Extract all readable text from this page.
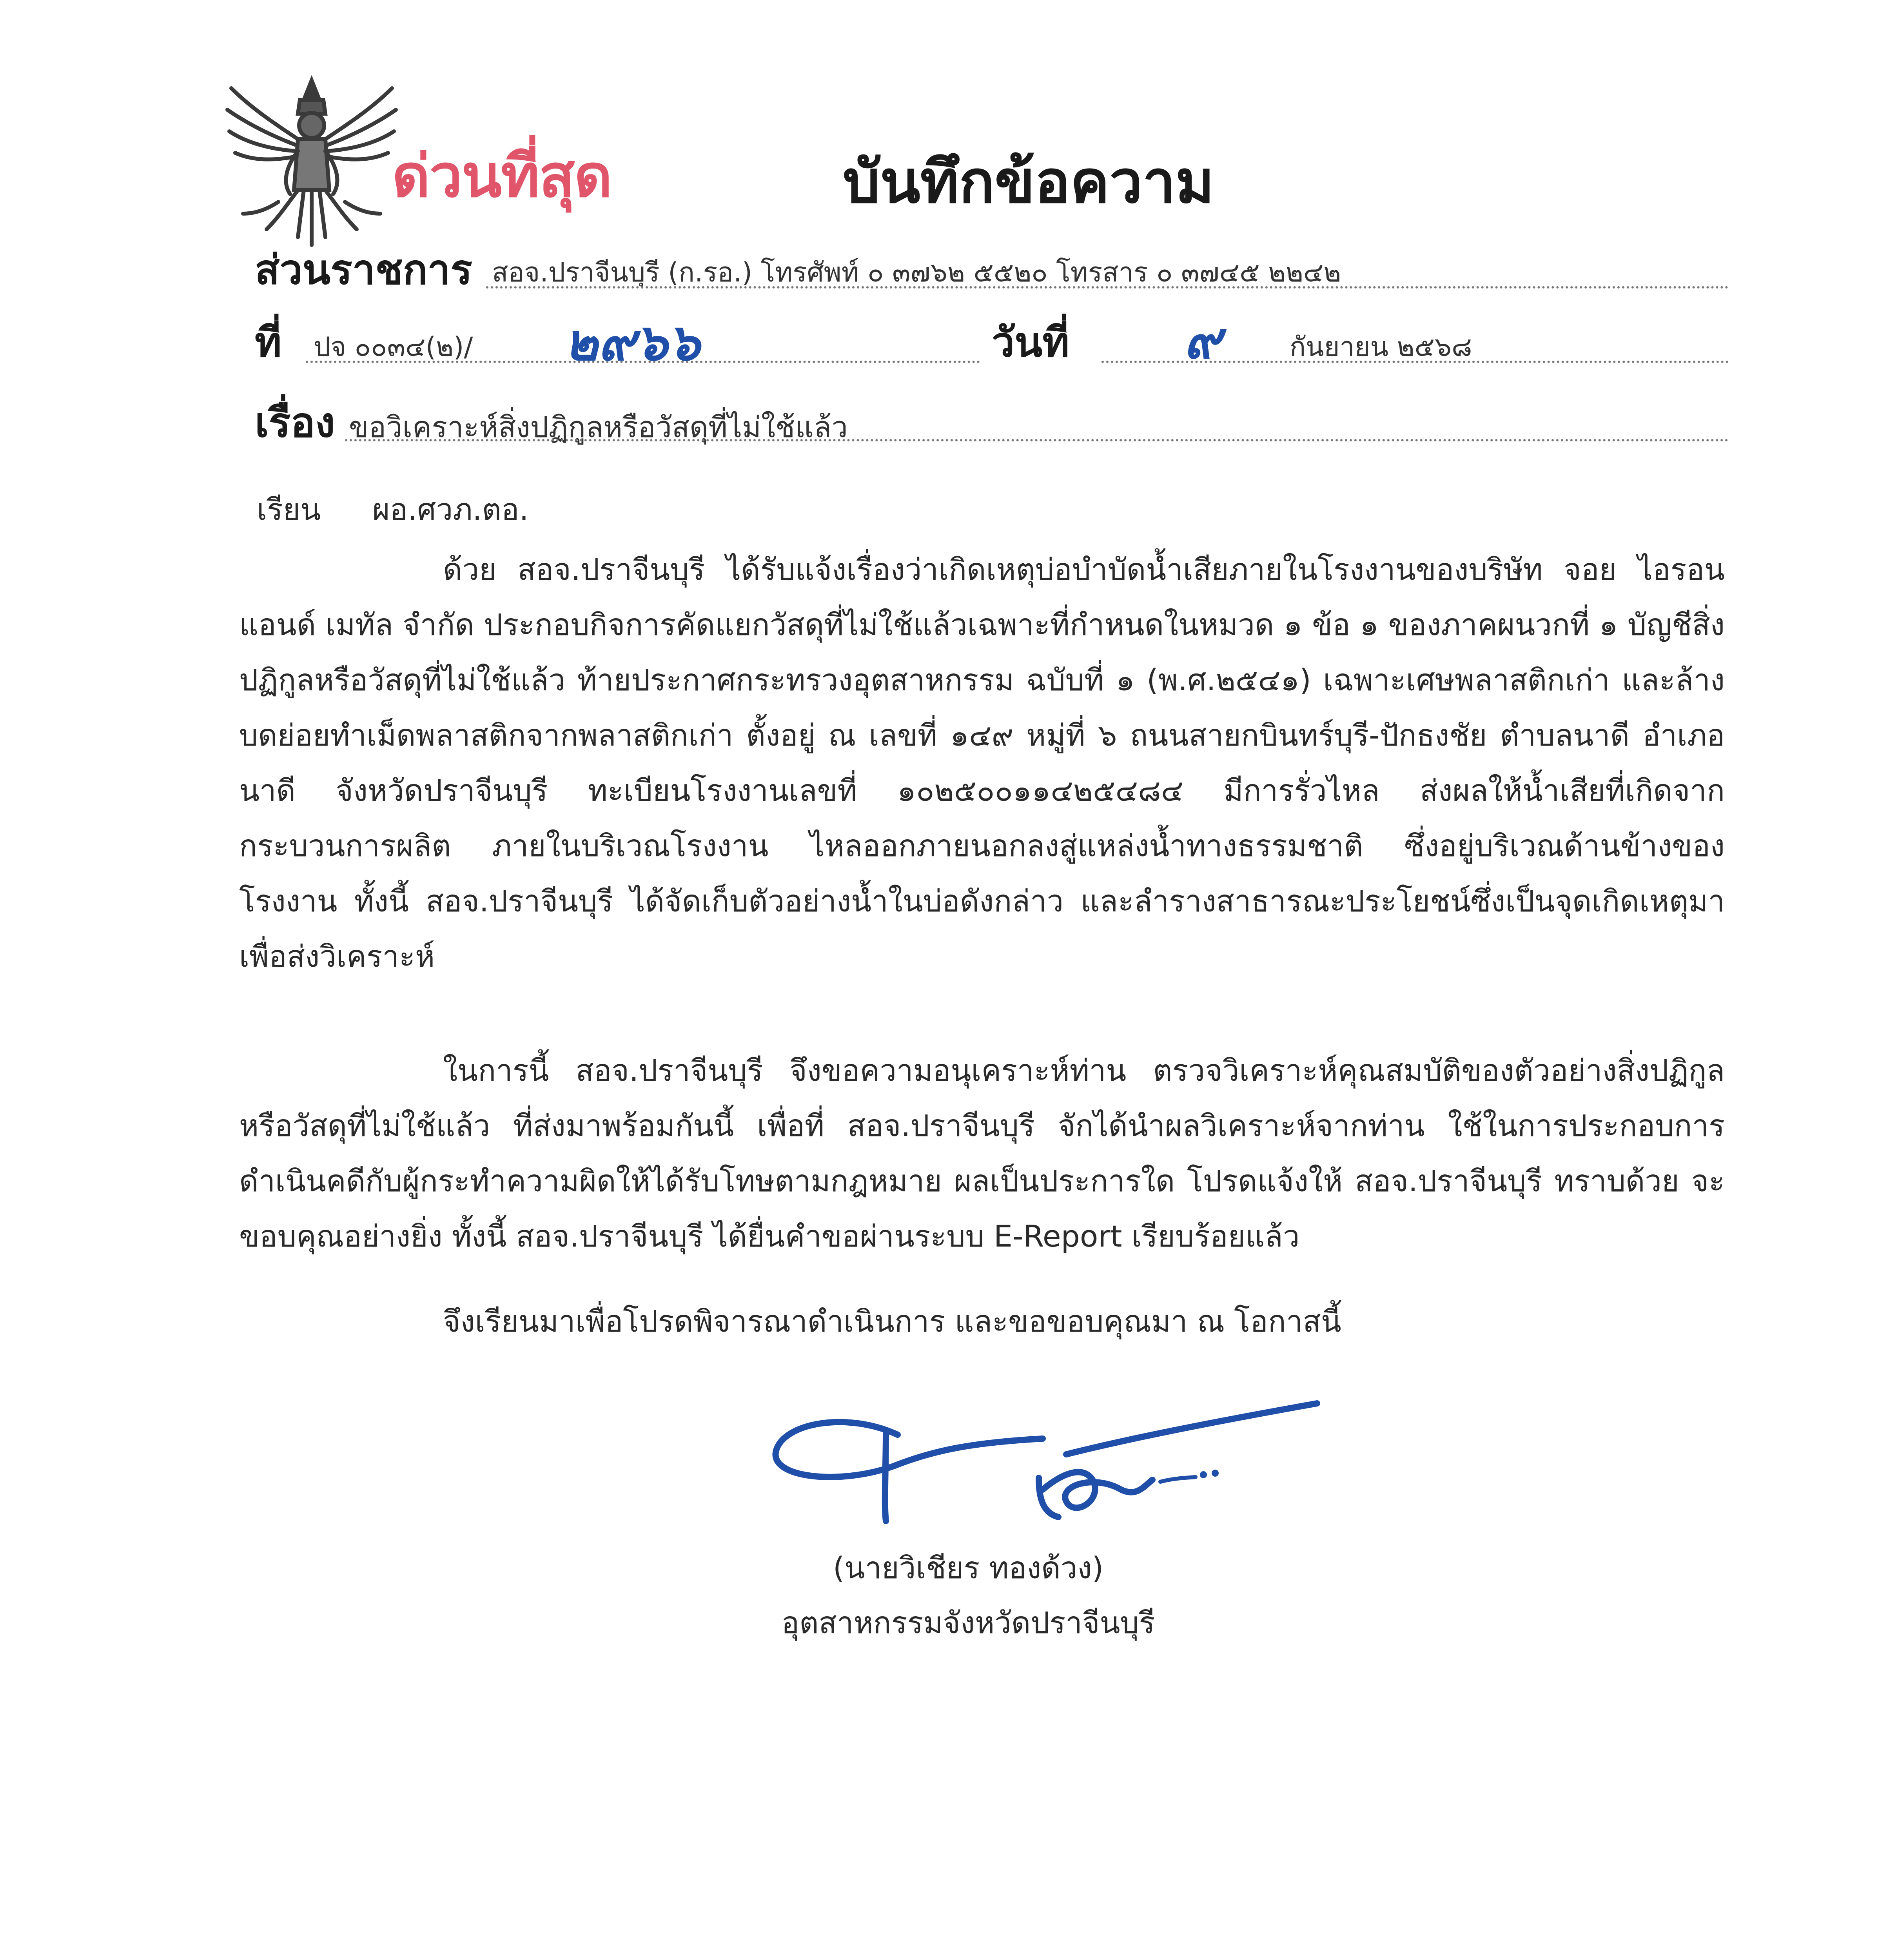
ด่วนที่สุด	บันทึกข้อความ
ส่วนราชการ สอจ.ปราจีนบุรี (ก.รอ.) โทรศัพท์ ๐ ๓๗๖๒ ๕๕๒๐ โทรสาร ๐ ๓๗๔๕ ๒๒๔๒
ที่ ปจ ๐๐๓๔(๒)/ ๒๙๖๖	วันที่ ๙	กันยายน ๒๕๖๘
เรื่อง ขอวิเคราะห์สิ่งปฏิกูลหรือวัสดุที่ไม่ใช้แล้ว
เรียน ผอ.ศวภ.ตอ.

ด้วย สอจ.ปราจีนบุรี ได้รับแจ้งเรื่องว่าเกิดเหตุบ่อบำบัดน้ำเสียภายในโรงงานของบริษัท จอย ไอรอน แอนด์ เมทัล จำกัด ประกอบกิจการคัดแยกวัสดุที่ไม่ใช้แล้วเฉพาะที่กำหนดในหมวด ๑ ข้อ ๑ ของภาคผนวกที่ ๑ บัญชีสิ่งปฏิกูลหรือวัสดุที่ไม่ใช้แล้ว ท้ายประกาศกระทรวงอุตสาหกรรม ฉบับที่ ๑ (พ.ศ.๒๕๔๑) เฉพาะเศษพลาสติกเก่า และล้างบดย่อยทำเม็ดพลาสติกจากพลาสติกเก่า ตั้งอยู่ ณ เลขที่ ๑๔๙ หมู่ที่ ๖ ถนนสายกบินทร์บุรี-ปักธงชัย ตำบลนาดี อำเภอนาดี จังหวัดปราจีนบุรี ทะเบียนโรงงานเลขที่ ๑๐๒๕๐๐๑๑๔๒๕๔๘๔ มีการรั่วไหล ส่งผลให้น้ำเสียที่เกิดจากกระบวนการผลิต ภายในบริเวณโรงงาน ไหลออกภายนอกลงสู่แหล่งน้ำทางธรรมชาติ ซึ่งอยู่บริเวณด้านข้างของโรงงาน ทั้งนี้ สอจ.ปราจีนบุรี ได้จัดเก็บตัวอย่างน้ำในบ่อดังกล่าว และลำรางสาธารณะประโยชน์ซึ่งเป็นจุดเกิดเหตุมาเพื่อส่งวิเคราะห์

ในการนี้ สอจ.ปราจีนบุรี จึงขอความอนุเคราะห์ท่าน ตรวจวิเคราะห์คุณสมบัติของตัวอย่างสิ่งปฏิกูลหรือวัสดุที่ไม่ใช้แล้ว ที่ส่งมาพร้อมกันนี้ เพื่อที่ สอจ.ปราจีนบุรี จักได้นำผลวิเคราะห์จากท่าน ใช้ในการประกอบการดำเนินคดีกับผู้กระทำความผิดให้ได้รับโทษตามกฎหมาย ผลเป็นประการใด โปรดแจ้งให้ สอจ.ปราจีนบุรี ทราบด้วย จะขอบคุณอย่างยิ่ง ทั้งนี้ สอจ.ปราจีนบุรี ได้ยื่นคำขอผ่านระบบ E-Report เรียบร้อยแล้ว

จึงเรียนมาเพื่อโปรดพิจารณาดำเนินการ และขอขอบคุณมา ณ โอกาสนี้

(นายวิเชียร ทองด้วง)
อุตสาหกรรมจังหวัดปราจีนบุรี
